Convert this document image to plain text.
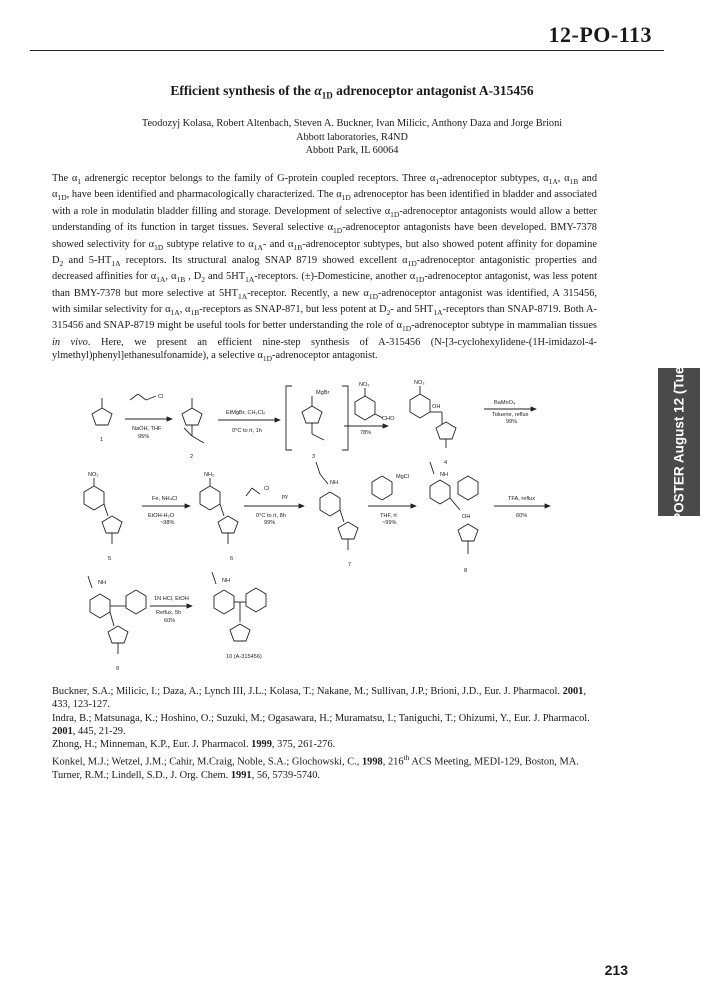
12-PO-113
Efficient synthesis of the $\alpha_{1D}$ adrenoceptor antagonist A-315456
Teodozyj Kolasa, Robert Altenbach, Steven A. Buckner, Ivan Milicic, Anthony Daza and Jorge Brioni
Abbott laboratories, R4ND
Abbott Park, IL 60064

The $\alpha_1$ adrenergic receptor belongs to the family of G-protein coupled receptors. Three $\alpha_1$-adrenoceptor subtypes, $\alpha_{1A}$, $\alpha_{1B}$ and $\alpha_{1D}$, have been identified and pharmacologically characterized. The $\alpha_{1D}$ adrenoceptor has been identified in bladder and associated with a role in modulatin bladder filling and storage. Development of selective $\alpha_{1D}$-adrenoceptor antagonists would allow a better understanding of its function in target tissues. Several selective $\alpha_{1D}$-adrenoceptor antagonists have been developed. BMY-7378 showed selectivity for $\alpha_{1D}$ subtype relative to $\alpha_{1A}-$ and $\alpha_{1B}$-adrenoceptor subtypes, but also showed potent affinity for dopamine $D_2$ and $5-HT_{1A}$ receptors. Its structural analog SNAP 8719 showed excellent $\alpha_{1D}$-adrenoceptor antagonistic properties and decreased affinities for $\alpha_{1A}$, $\alpha_{1B}$ , $D_2$ and $5HT_{1A}$-receptors. (±)-Domesticine, another $\alpha_{1D}$-adrenoceptor antagonist, was less potent than BMY-7378 but more selective at $5HT_{1A}$-receptor. Recently, a new $\alpha_{1D}$-adrenoceptor antagonist was identified, A 315456, with similar selectivity for $\alpha_{1A}$, $\alpha_{1B}$-receptors as SNAP-871, but less potent at $D_2-$ and $5HT_{1A}$-receptors than SNAP-8719. Both A-315456 and SNAP-8719 might be useful tools for better understanding the role of $\alpha_{1D}$-adrenoceptor subtype in mammalian tissues in vivo. Here, we present an efficient nine-step synthesis of A-315456 (N-[3-cyclohexylidene-(1H-imidazol-4-ylmethyl)phenyl]ethanesulfonamide), a selective $\alpha_{1D}$-adrenoceptor antagonist.

POSTER August 12 (Tue)
1
2	3
4
NaOH, THF
95%
Cl
EtMgBr, CH₂Cl₂
0°C to rt, 1h
MgBr
78%
CHO
NO₂	NO₂
OH
BaMnO₄
Toluene, reflux
99%
NO₂
5
Fe, NH₄Cl
EtOH-H₂O
~98%
NH₂
6
Cl
py
0°C to rt, 8h
99%
NH
7
MgCl
THF, rt
~99%
NH
OH
8
TFA, reflux
60%
NH
9
1N HCl, EtOH
Reflux, 5h
60%
NH
10 (A-315456)

Buckner, S.A.; Milicic, I.; Daza, A.; Lynch III, J.L.; Kolasa, T.; Nakane, M.; Sullivan, J.P.; Brioni, J.D., Eur. J. Pharmacol. 2001, 433, 123-127.

Indra, B.; Matsunaga, K.; Hoshino, O.; Suzuki, M.; Ogasawara, H.; Muramatsu, I.; Taniguchi, T.; Ohizumi, Y., Eur. J. Pharmacol. 2001, 445, 21-29.

Zhong, H.; Minneman, K.P., Eur. J. Pharmacol. 1999, 375, 261-276.

Konkel, M.J.; Wetzel, J.M.; Cahir, M.Craig, Noble, S.A.; Glochowski, C., 1998, 216th ACS Meeting, MEDI-129, Boston, MA.

Turner, R.M.; Lindell, S.D., J. Org. Chem. 1991, 56, 5739-5740.

213
